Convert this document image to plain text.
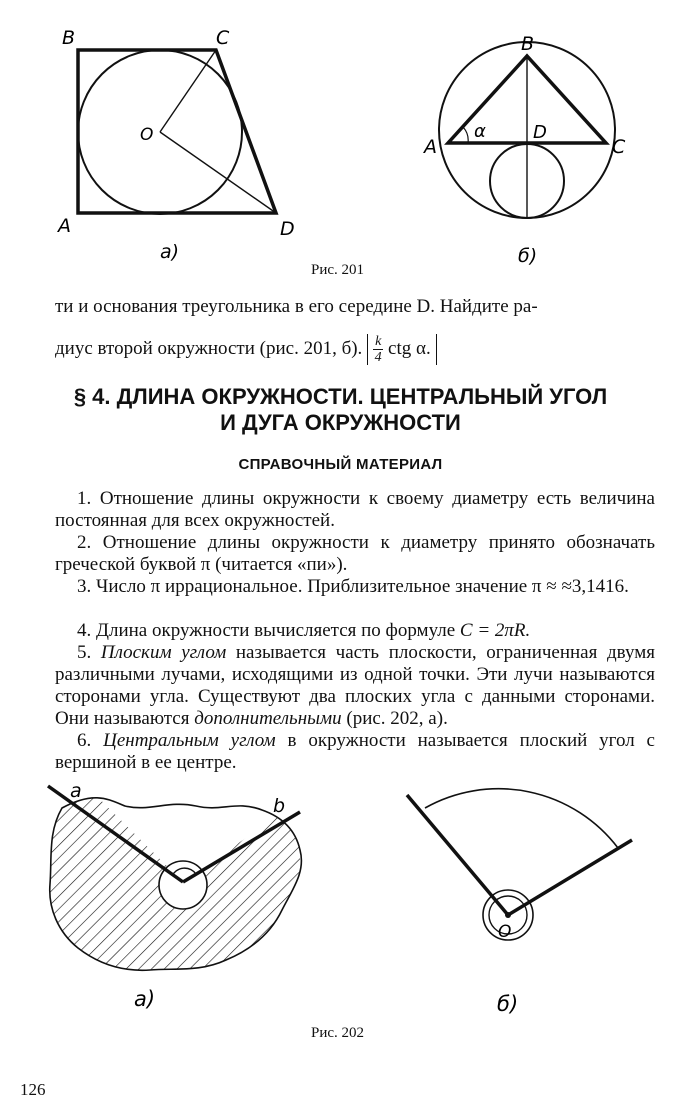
B	C
O
A	D
а)
B
A
D
C
α
б)
Рис. 201
ти и основания треугольника в его середине D. Найдите ра-
диус второй окружности (рис. 201, б). $\frac{k}{4}$ ctg α.
§ 4. ДЛИНА ОКРУЖНОСТИ. ЦЕНТРАЛЬНЫЙ УГОЛ
И ДУГА ОКРУЖНОСТИ
СПРАВОЧНЫЙ МАТЕРИАЛ
1. Отношение длины окружности к своему диаметру есть величина постоянная для всех окружностей.
2. Отношение длины окружности к диаметру принято обозначать греческой буквой π (читается «пи»).
3. Число π иррациональное. Приблизительное значение π ≈ ≈3,1416.
4. Длина окружности вычисляется по формуле C = 2πR.
5. Плоским углом называется часть плоскости, ограниченная двумя различными лучами, исходящими из одной точки. Эти лучи называются сторонами угла. Существуют два плоских угла с данными сторонами. Они называются дополнительными (рис. 202, а).
6. Центральным углом в окружности называется плоский угол с вершиной в ее центре.
a
b
а)
O
б)
Рис. 202
126
